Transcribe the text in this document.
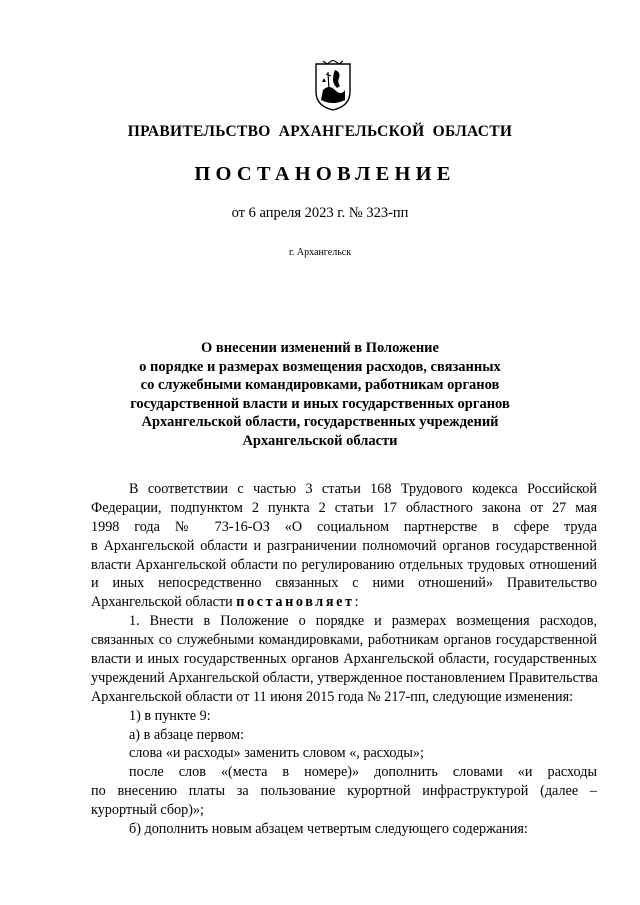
ПРАВИТЕЛЬСТВО АРХАНГЕЛЬСКОЙ ОБЛАСТИ
ПОСТАНОВЛЕНИЕ
от 6 апреля 2023 г. № 323-пп
г. Архангельск
О внесении изменений в Положение
о порядке и размерах возмещения расходов, связанных
со служебными командировками, работникам органов
государственной власти и иных государственных органов
Архангельской области, государственных учреждений
Архангельской области
В соответствии с частью 3 статьи 168 Трудового кодекса Российской
Федерации, подпунктом 2 пункта 2 статьи 17 областного закона от 27 мая
1998 года № 73-16-ОЗ «О социальном партнерстве в сфере труда
в Архангельской области и разграничении полномочий органов государственной
власти Архангельской области по регулированию отдельных трудовых отношений
и иных непосредственно связанных с ними отношений» Правительство
Архангельской области постановляет:
1. Внести в Положение о порядке и размерах возмещения расходов,
связанных со служебными командировками, работникам органов государственной
власти и иных государственных органов Архангельской области, государственных
учреждений Архангельской области, утвержденное постановлением Правительства
Архангельской области от 11 июня 2015 года № 217-пп, следующие изменения:
1) в пункте 9:
а) в абзаце первом:
слова «и расходы» заменить словом «, расходы»;
после слов «(места в номере)» дополнить словами «и расходы
по внесению платы за пользование курортной инфраструктурой (далее –
курортный сбор)»;
б) дополнить новым абзацем четвертым следующего содержания:
